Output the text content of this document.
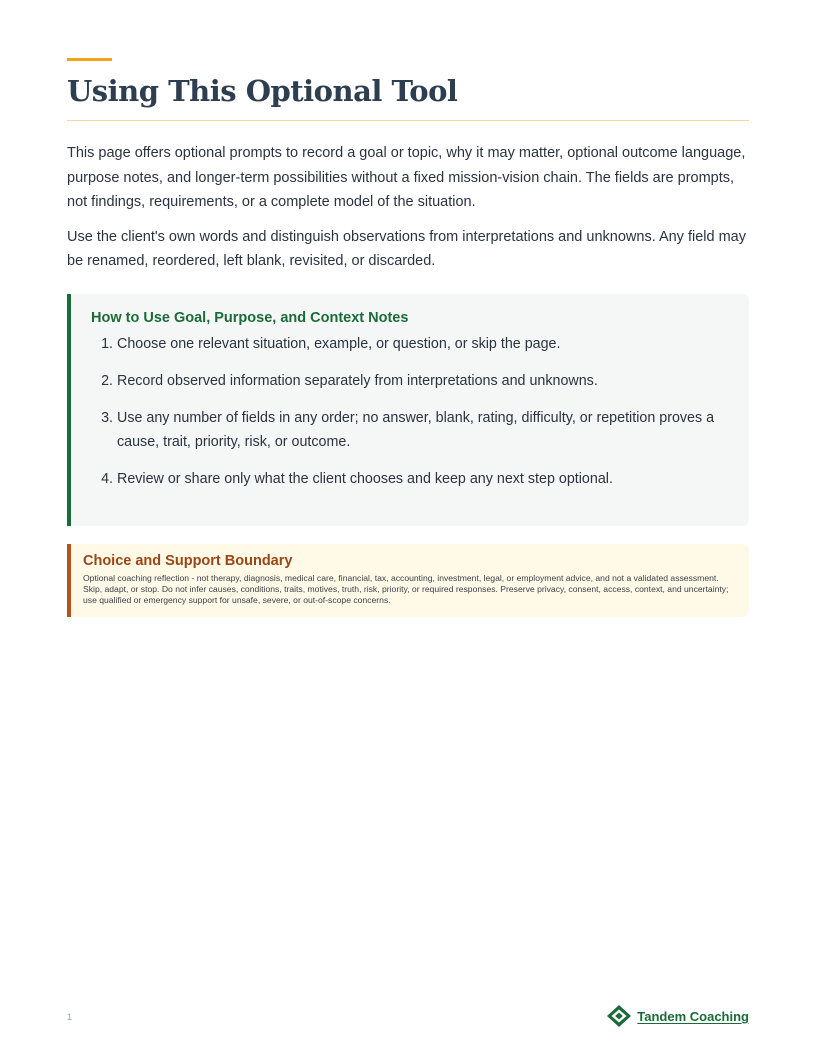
Using This Optional Tool

This page offers optional prompts to record a goal or topic, why it may matter, optional outcome language, purpose notes, and longer-term possibilities without a fixed mission-vision chain. The fields are prompts, not findings, requirements, or a complete model of the situation.

Use the client's own words and distinguish observations from interpretations and unknowns. Any field may be renamed, reordered, left blank, revisited, or discarded.

How to Use Goal, Purpose, and Context Notes
1. Choose one relevant situation, example, or question, or skip the page.
2. Record observed information separately from interpretations and unknowns.
3. Use any number of fields in any order; no answer, blank, rating, difficulty, or repetition proves a cause, trait, priority, risk, or outcome.
4. Review or share only what the client chooses and keep any next step optional.
Choice and Support Boundary

Optional coaching reflection - not therapy, diagnosis, medical care, financial, tax, accounting, investment, legal, or employment advice, and not a validated assessment. Skip, adapt, or stop. Do not infer causes, conditions, traits, motives, truth, risk, priority, or required responses. Preserve privacy, consent, access, context, and uncertainty; use qualified or emergency support for unsafe, severe, or out-of-scope concerns.

1	Tandem Coaching
